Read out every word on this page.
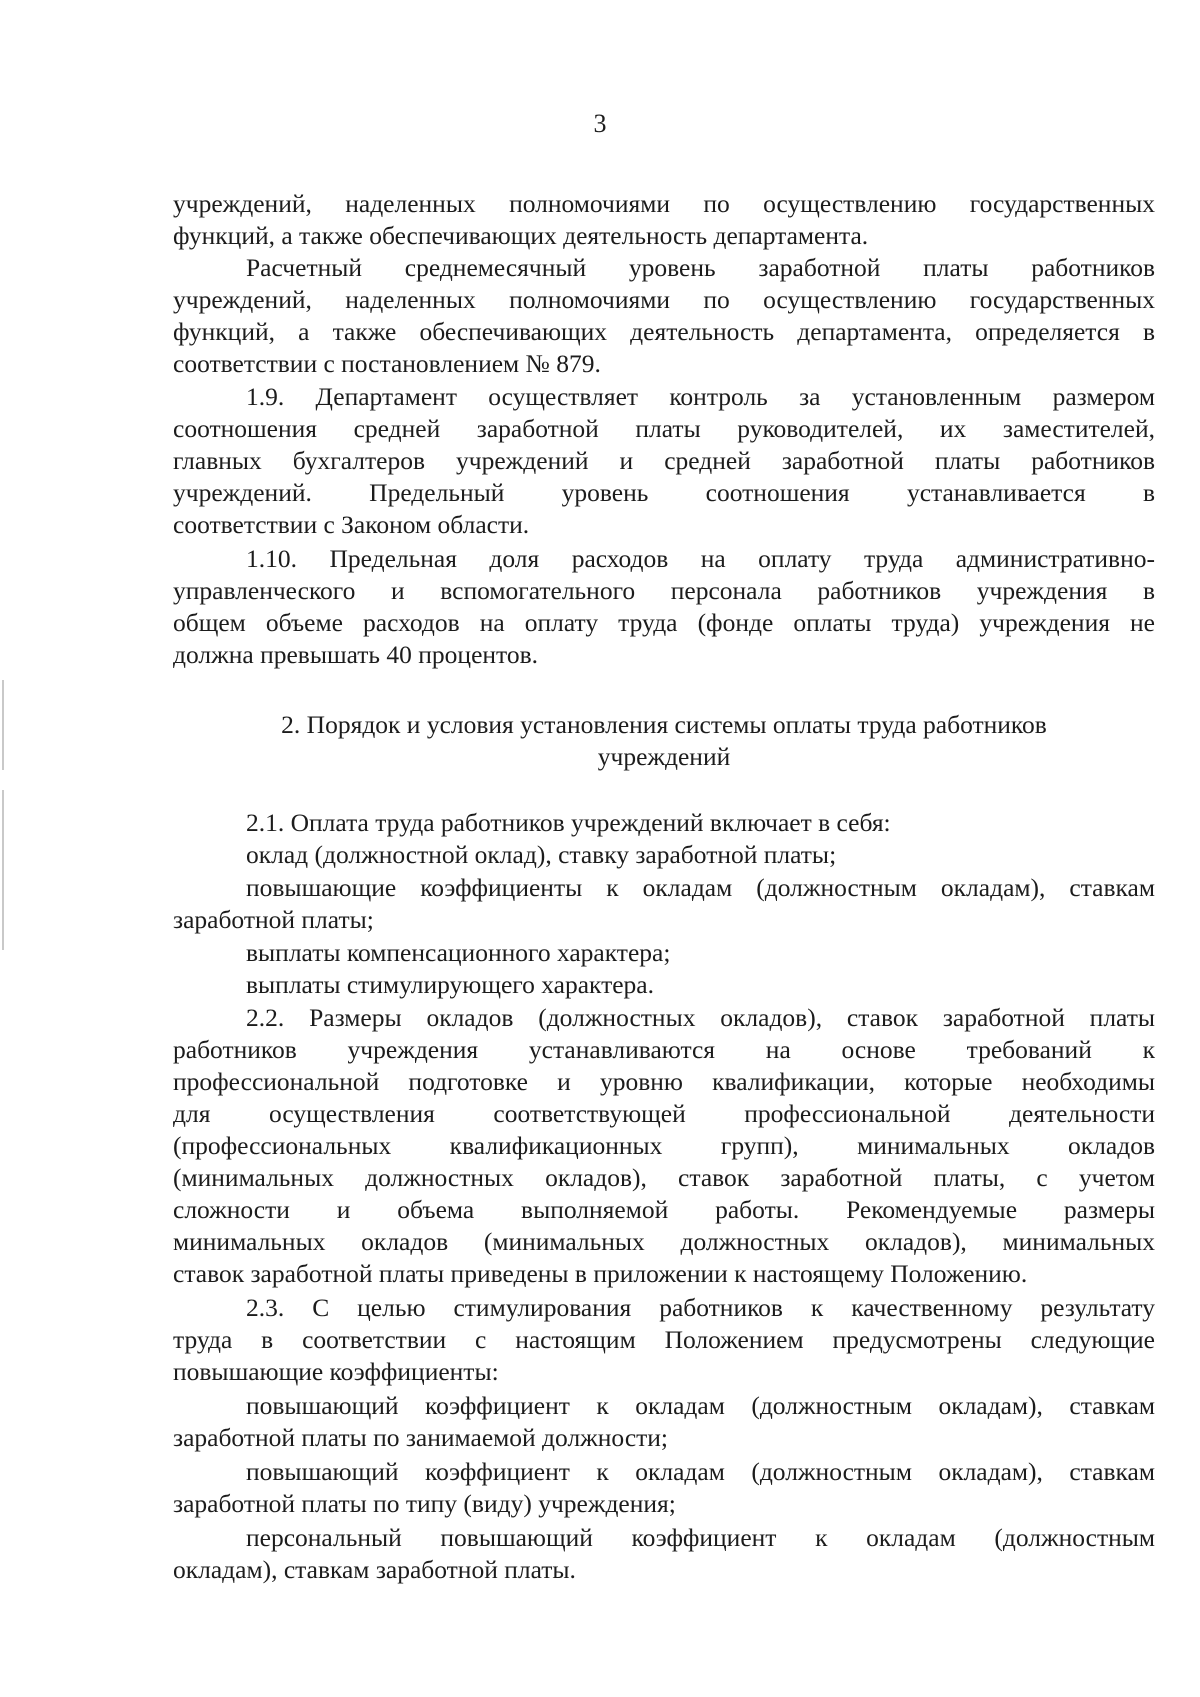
3
учреждений, наделенных полномочиями по осуществлению государственных
функций, а также обеспечивающих деятельность департамента.
Расчетный среднемесячный уровень заработной платы работников
учреждений, наделенных полномочиями по осуществлению государственных
функций, а также обеспечивающих деятельность департамента, определяется в
соответствии с постановлением № 879.
1.9. Департамент осуществляет контроль за установленным размером
соотношения средней заработной платы руководителей, их заместителей,
главных бухгалтеров учреждений и средней заработной платы работников
учреждений. Предельный уровень соотношения устанавливается в
соответствии с Законом области.
1.10. Предельная доля расходов на оплату труда административно-
управленческого и вспомогательного персонала работников учреждения в
общем объеме расходов на оплату труда (фонде оплаты труда) учреждения не
должна превышать 40 процентов.
2. Порядок и условия установления системы оплаты труда работников
учреждений
2.1. Оплата труда работников учреждений включает в себя:
оклад (должностной оклад), ставку заработной платы;
повышающие коэффициенты к окладам (должностным окладам), ставкам
заработной платы;
выплаты компенсационного характера;
выплаты стимулирующего характера.
2.2. Размеры окладов (должностных окладов), ставок заработной платы
работников учреждения устанавливаются на основе требований к
профессиональной подготовке и уровню квалификации, которые необходимы
для осуществления соответствующей профессиональной деятельности
(профессиональных квалификационных групп), минимальных окладов
(минимальных должностных окладов), ставок заработной платы, с учетом
сложности и объема выполняемой работы. Рекомендуемые размеры
минимальных окладов (минимальных должностных окладов), минимальных
ставок заработной платы приведены в приложении к настоящему Положению.
2.3. С целью стимулирования работников к качественному результату
труда в соответствии с настоящим Положением предусмотрены следующие
повышающие коэффициенты:
повышающий коэффициент к окладам (должностным окладам), ставкам
заработной платы по занимаемой должности;
повышающий коэффициент к окладам (должностным окладам), ставкам
заработной платы по типу (виду) учреждения;
персональный повышающий коэффициент к окладам (должностным
окладам), ставкам заработной платы.
